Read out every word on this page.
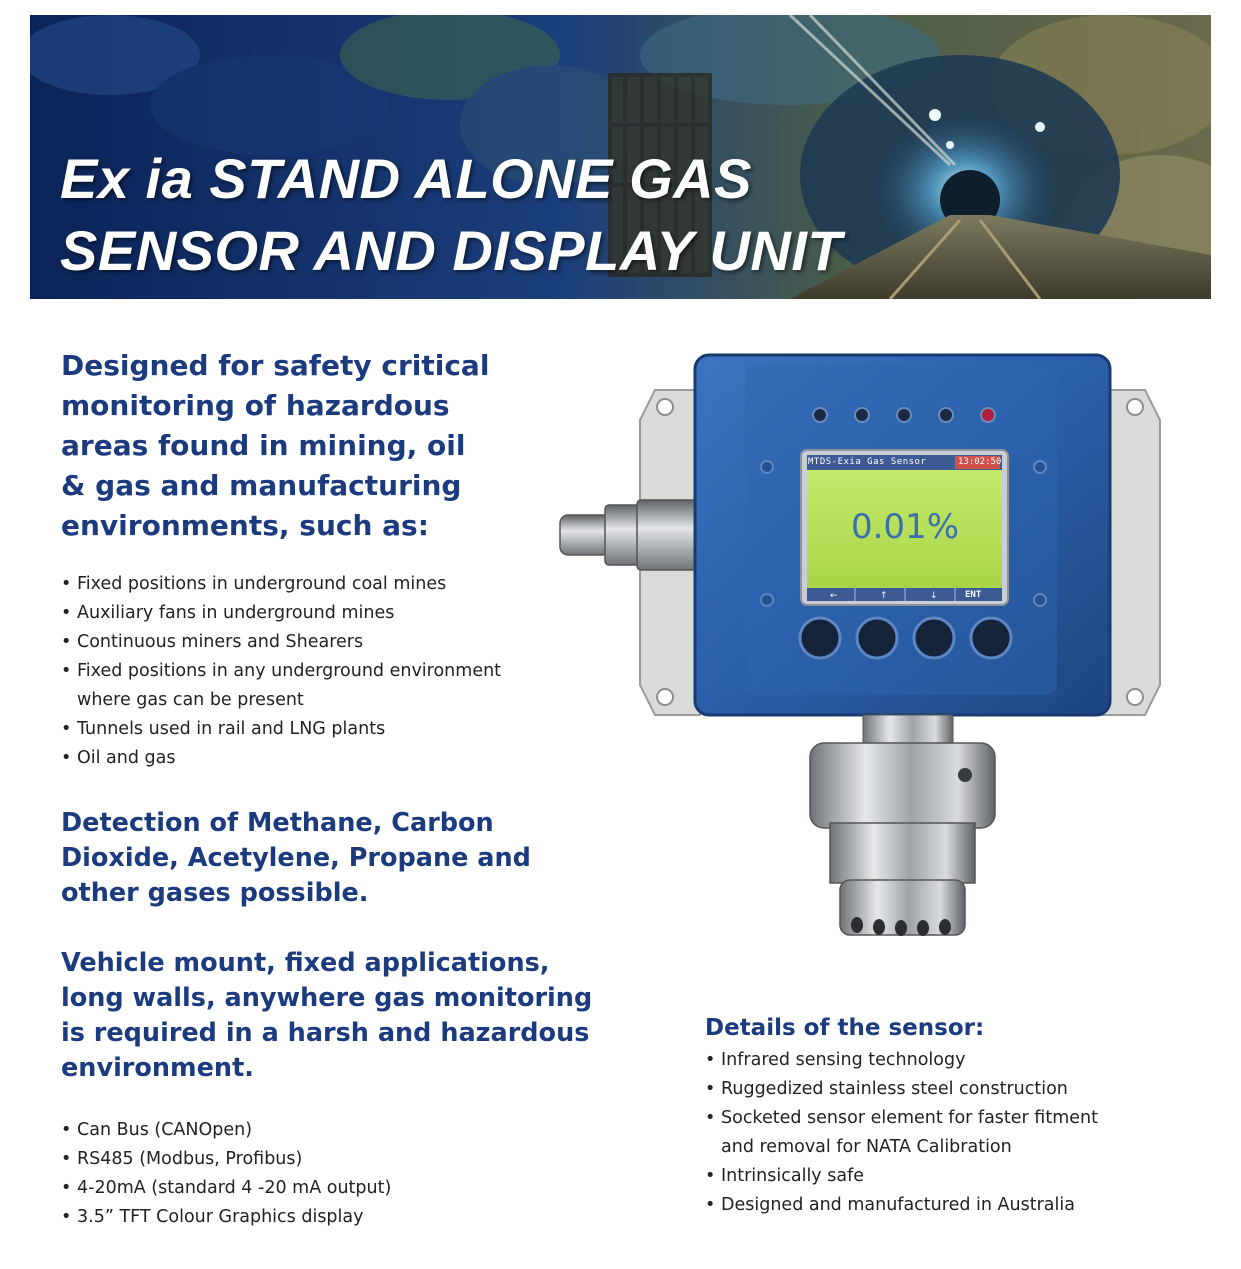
Ex ia STAND ALONE GAS
SENSOR AND DISPLAY UNIT
Designed for safety critical
monitoring of hazardous
areas found in mining, oil
& gas and manufacturing
environments, such as:
• Fixed positions in underground coal mines
• Auxiliary fans in underground mines
• Continuous miners and Shearers
• Fixed positions in any underground environment
where gas can be present
• Tunnels used in rail and LNG plants
• Oil and gas
Detection of Methane, Carbon
Dioxide, Acetylene, Propane and
other gases possible.
Vehicle mount, fixed applications,
long walls, anywhere gas monitoring
is required in a harsh and hazardous
environment.
• Can Bus (CANOpen)
• RS485 (Modbus, Profibus)
• 4-20mA (standard 4 -20 mA output)
• 3.5” TFT Colour Graphics display
Details of the sensor:
• Infrared sensing technology
• Ruggedized stainless steel construction
• Socketed sensor element for faster fitment
and removal for NATA Calibration
• Intrinsically safe
• Designed and manufactured in Australia
←	↑	↓
MTDS-Exia Gas Sensor	13:02:50
0.01%
ENT
